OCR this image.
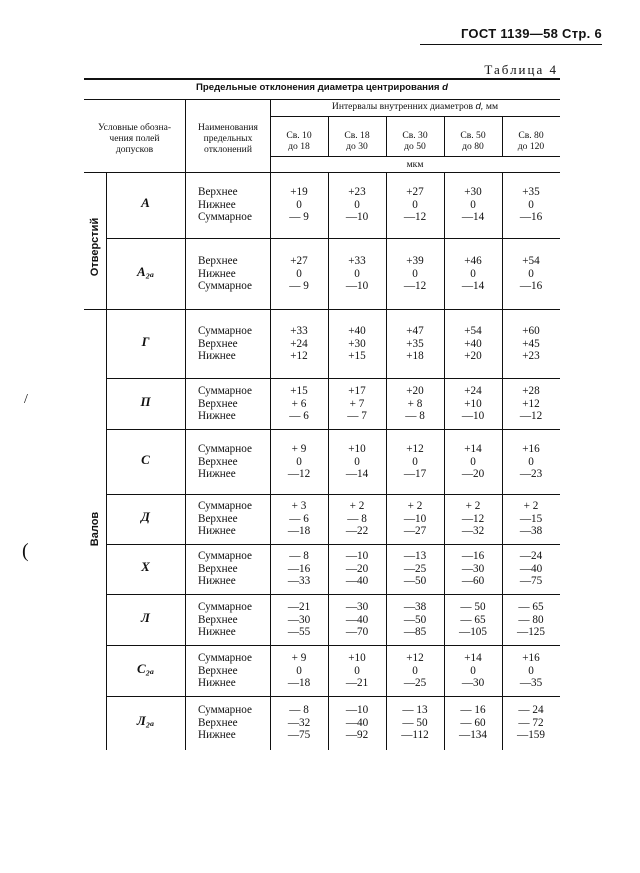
ГОСТ 1139—58 Стр. 6
Таблица 4
Предельные отклонения диаметра центрирования d
Условные обозна-
чения полей
допусков
Наименования
предельных
отклонений
Интервалы внутренних диаметров d, мм
мкм
Отверстий
Валов
Св. 10
до 18
Св. 18
до 30
Св. 30
до 50
Св. 50
до 80
Св. 80
до 120
A
Верхнее
Нижнее
Суммарное
+19
0
— 9
+23
0
—10
+27
0
—12
+30
0
—14
+35
0
—16
A₂ₐ
Верхнее
Нижнее
Суммарное
+27
0
— 9
+33
0
—10
+39
0
—12
+46
0
—14
+54
0
—16
Г
Суммарное
Верхнее
Нижнее
+33
+24
+12
+40
+30
+15
+47
+35
+18
+54
+40
+20
+60
+45
+23
П
Суммарное
Верхнее
Нижнее
+15
+ 6
— 6
+17
+ 7
— 7
+20
+ 8
— 8
+24
+10
—10
+28
+12
—12
С
Суммарное
Верхнее
Нижнее
+ 9
0
—12
+10
0
—14
+12
0
—17
+14
0
—20
+16
0
—23
Д
Суммарное
Верхнее
Нижнее
+ 3
— 6
—18
+ 2
— 8
—22
+ 2
—10
—27
+ 2
—12
—32
+ 2
—15
—38
X
Суммарное
Верхнее
Нижнее
— 8
—16
—33
—10
—20
—40
—13
—25
—50
—16
—30
—60
—24
—40
—75
Л
Суммарное
Верхнее
Нижнее
—21
—30
—55
—30
—40
—70
—38
—50
—85
— 50
— 65
—105
— 65
— 80
—125
С₂ₐ
Суммарное
Верхнее
Нижнее
+ 9
0
—18
+10
0
—21
+12
0
—25
+14
0
—30
+16
0
—35
Л₂ₐ
Суммарное
Верхнее
Нижнее
— 8
—32
—75
—10
—40
—92
— 13
— 50
—112
— 16
— 60
—134
— 24
— 72
—159
/
(
